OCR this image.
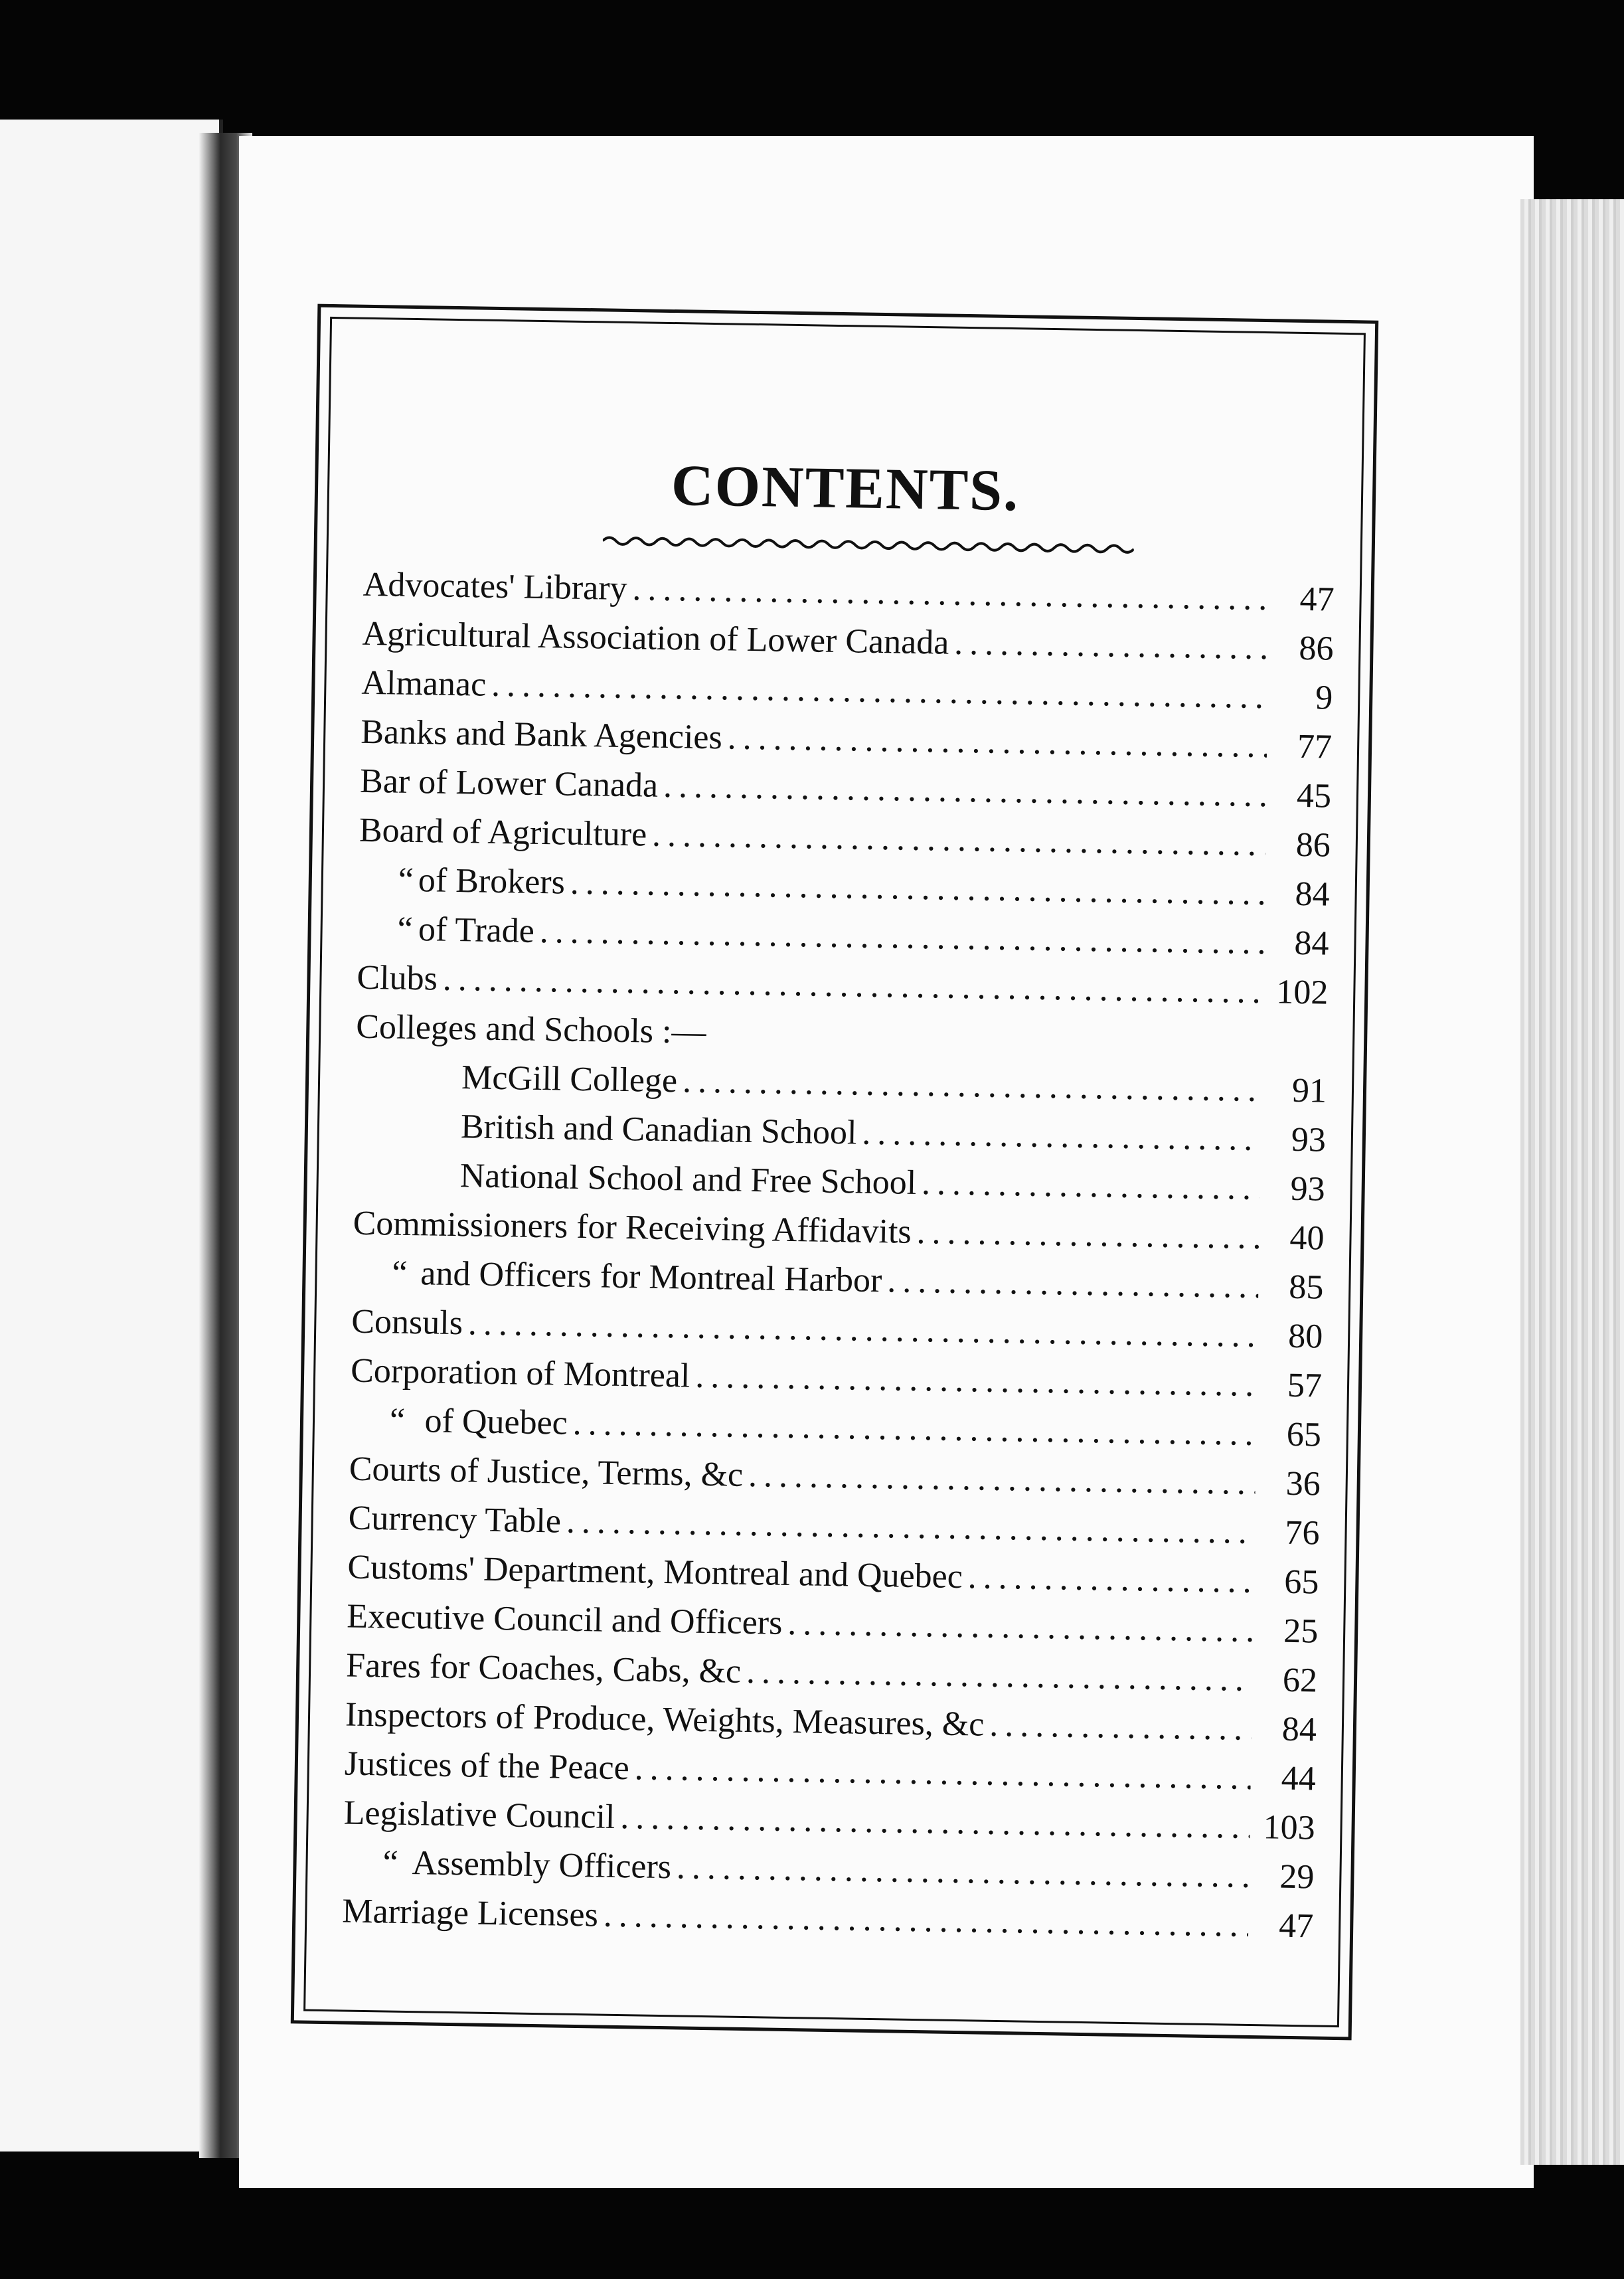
CONTENTS.
Advocates' Library .....	47
Agricultural Association of Lower Canada .....	86
Almanac .....	9
Banks and Bank Agencies .....	77
Bar of Lower Canada .....	45
Board of Agriculture .....	86
“ of Brokers .....	84
“ of Trade .....	84
Clubs .....	102
Colleges and Schools :—
McGill College .....	91
British and Canadian School .....	93
National School and Free School .....	93
Commissioners for Receiving Affidavits .....	40
“ and Officers for Montreal Harbor .....	85
Consuls .....	80
Corporation of Montreal .....	57
“ of Quebec .....	65
Courts of Justice, Terms, &c .....	36
Currency Table .....	76
Customs' Department, Montreal and Quebec .....	65
Executive Council and Officers .....	25
Fares for Coaches, Cabs, &c .....	62
Inspectors of Produce, Weights, Measures, &c .....	84
Justices of the Peace .....	44
Legislative Council .....	103
“ Assembly Officers .....	29
Marriage Licenses .....	47
